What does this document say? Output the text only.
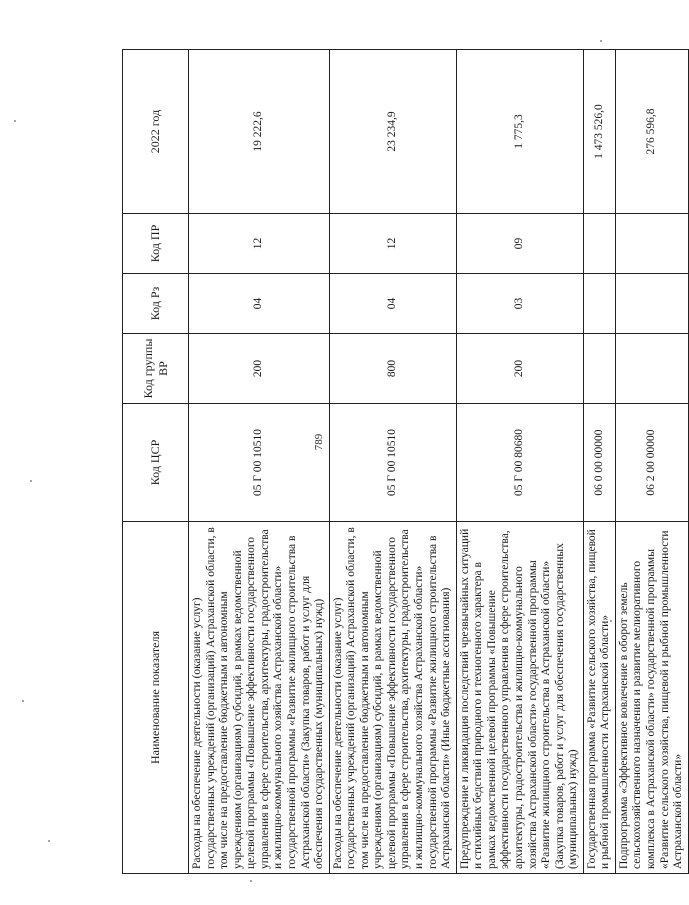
789
Наименование показателя	Код ЦСР	Код группы ВР	Код Рз	Код ПР	2022 год
Расходы на обеспечение деятельности (оказание услуг) государственных учреждений (организаций) Астраханской области, в том числе на предоставление бюджетным и автономным учреждениям (организациям) субсидий, в рамках ведомственной целевой программы «Повышение эффективности государственного управления в сфере строительства, архитектуры, градостроительства и жилищно-коммунального хозяйства Астраханской области» государственной программы «Развитие жилищного строительства в Астраханской области» (Закупка товаров, работ и услуг для обеспечения государственных (муниципальных) нужд)	05 Г 00 10510	200	04	12	19 222,6
Расходы на обеспечение деятельности (оказание услуг) государственных учреждений (организаций) Астраханской области, в том числе на предоставление бюджетным и автономным учреждениям (организациям) субсидий, в рамках ведомственной целевой программы «Повышение эффективности государственного управления в сфере строительства, архитектуры, градостроительства и жилищно-коммунального хозяйства Астраханской области» государственной программы «Развитие жилищного строительства в Астраханской области» (Иные бюджетные ассигнования)	05 Г 00 10510	800	04	12	23 234,9
Предупреждение и ликвидация последствий чрезвычайных ситуаций и стихийных бедствий природного и техногенного характера в рамках ведомственной целевой программы «Повышение эффективности государственного управления в сфере строительства, архитектуры, градостроительства и жилищно-коммунального хозяйства Астраханской области» государственной программы «Развитие жилищного строительства в Астраханской области» (Закупка товаров, работ и услуг для обеспечения государственных (муниципальных) нужд)	05 Г 00 80680	200	03	09	1 775,3
Государственная программа «Развитие сельского хозяйства, пищевой и рыбной промышленности Астраханской области»	06 0 00 00000				1 473 526,0
Подпрограмма «Эффективное вовлечение в оборот земель сельскохозяйственного назначения и развитие мелиоративного комплекса в Астраханской области» государственной программы «Развитие сельского хозяйства, пищевой и рыбной промышленности Астраханской области»	06 2 00 00000				276 596,8
